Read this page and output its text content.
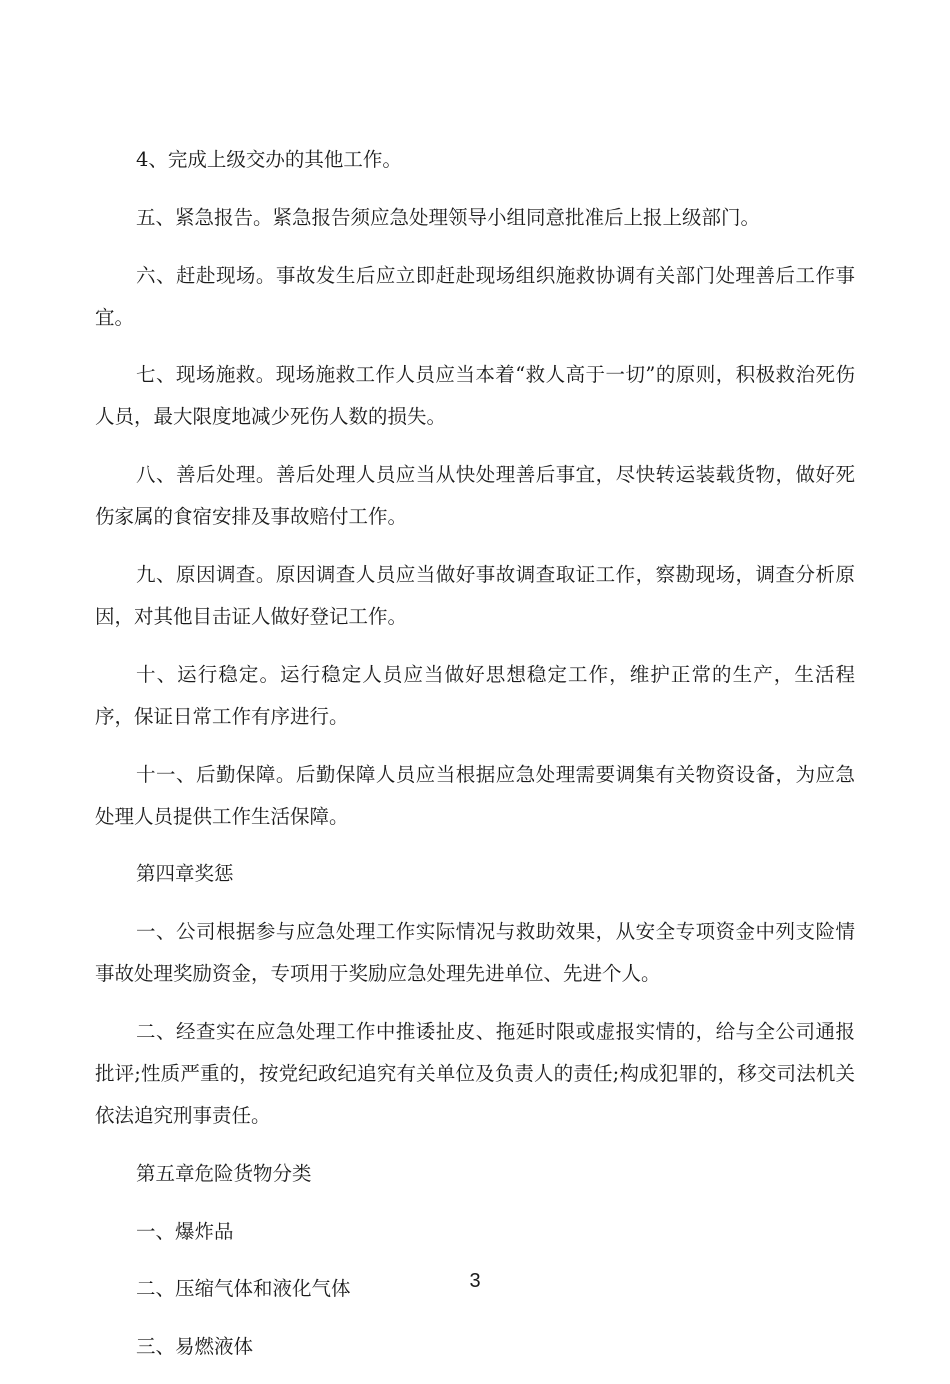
4、完成上级交办的其他工作。

五、紧急报告。紧急报告须应急处理领导小组同意批准后上报上级部门。

六、赶赴现场。事故发生后应立即赶赴现场组织施救协调有关部门处理善后工作事宜。

七、现场施救。现场施救工作人员应当本着“救人高于一切”的原则，积极救治死伤人员，最大限度地减少死伤人数的损失。

八、善后处理。善后处理人员应当从快处理善后事宜，尽快转运装载货物，做好死伤家属的食宿安排及事故赔付工作。

九、原因调查。原因调查人员应当做好事故调查取证工作，察勘现场，调查分析原因，对其他目击证人做好登记工作。

十、运行稳定。运行稳定人员应当做好思想稳定工作，维护正常的生产，生活程序，保证日常工作有序进行。

十一、后勤保障。后勤保障人员应当根据应急处理需要调集有关物资设备，为应急处理人员提供工作生活保障。

第四章奖惩

一、公司根据参与应急处理工作实际情况与救助效果，从安全专项资金中列支险情事故处理奖励资金，专项用于奖励应急处理先进单位、先进个人。

二、经查实在应急处理工作中推诿扯皮、拖延时限或虚报实情的，给与全公司通报批评;性质严重的，按党纪政纪追究有关单位及负责人的责任;构成犯罪的，移交司法机关依法追究刑事责任。

第五章危险货物分类

一、爆炸品

二、压缩气体和液化气体

三、易燃液体

3
